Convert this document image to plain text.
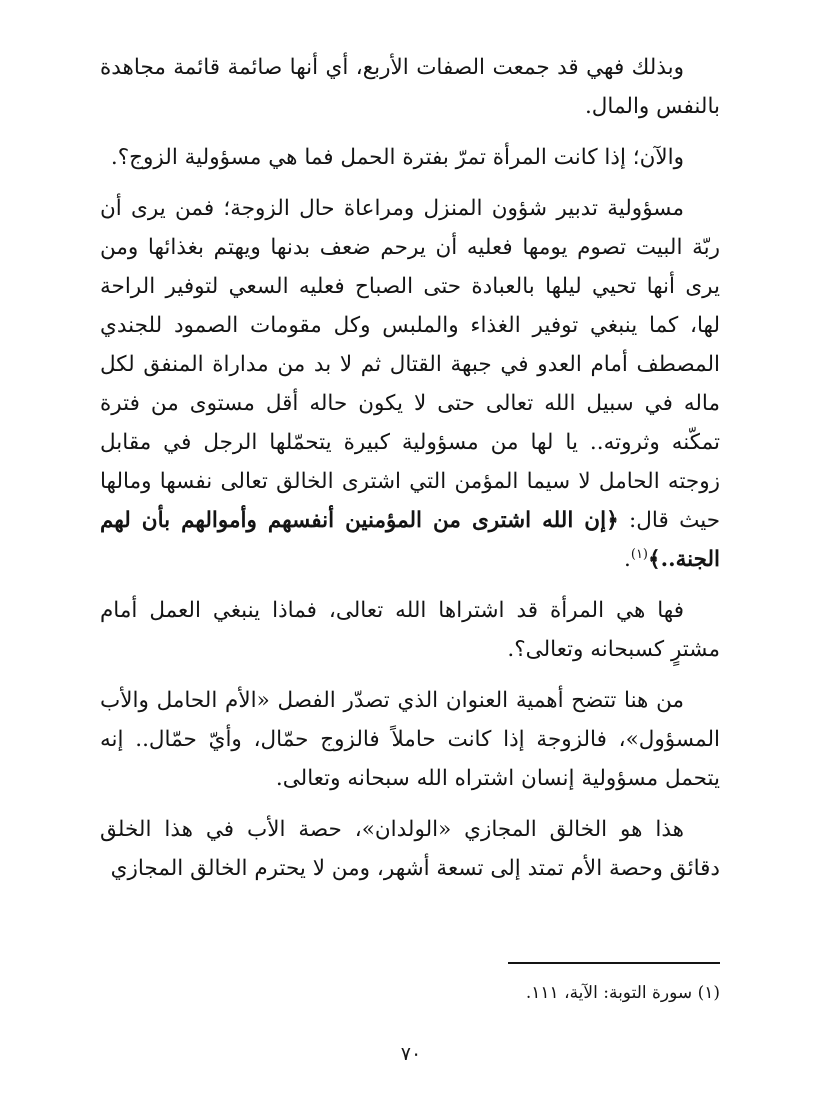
وبذلك فهي قد جمعت الصفات الأربع، أي أنها صائمة قائمة مجاهدة بالنفس والمال.

والآن؛ إذا كانت المرأة تمرّ بفترة الحمل فما هي مسؤولية الزوج؟.

مسؤولية تدبير شؤون المنزل ومراعاة حال الزوجة؛ فمن يرى أن ربّة البيت تصوم يومها فعليه أن يرحم ضعف بدنها ويهتم بغذائها ومن يرى أنها تحيي ليلها بالعبادة حتى الصباح فعليه السعي لتوفير الراحة لها، كما ينبغي توفير الغذاء والملبس وكل مقومات الصمود للجندي المصطف أمام العدو في جبهة القتال ثم لا بد من مداراة المنفق لكل ماله في سبيل الله تعالى حتى لا يكون حاله أقل مستوى من فترة تمكّنه وثروته.. يا لها من مسؤولية كبيرة يتحمّلها الرجل في مقابل زوجته الحامل لا سيما المؤمن التي اشترى الخالق تعالى نفسها ومالها حيث قال: ﴿إن الله اشترى من المؤمنين أنفسهم وأموالهم بأن لهم الجنة..﴾$^{(١)}$.

فها هي المرأة قد اشتراها الله تعالى، فماذا ينبغي العمل أمام مشترٍ كسبحانه وتعالى؟.

من هنا تتضح أهمية العنوان الذي تصدّر الفصل «الأم الحامل والأب المسؤول»، فالزوجة إذا كانت حاملاً فالزوج حمّال، وأيّ حمّال.. إنه يتحمل مسؤولية إنسان اشتراه الله سبحانه وتعالى.

هذا هو الخالق المجازي «الولدان»، حصة الأب في هذا الخلق دقائق وحصة الأم تمتد إلى تسعة أشهر، ومن لا يحترم الخالق المجازي

(١) سورة التوبة: الآية، ١١١.
٧٠
